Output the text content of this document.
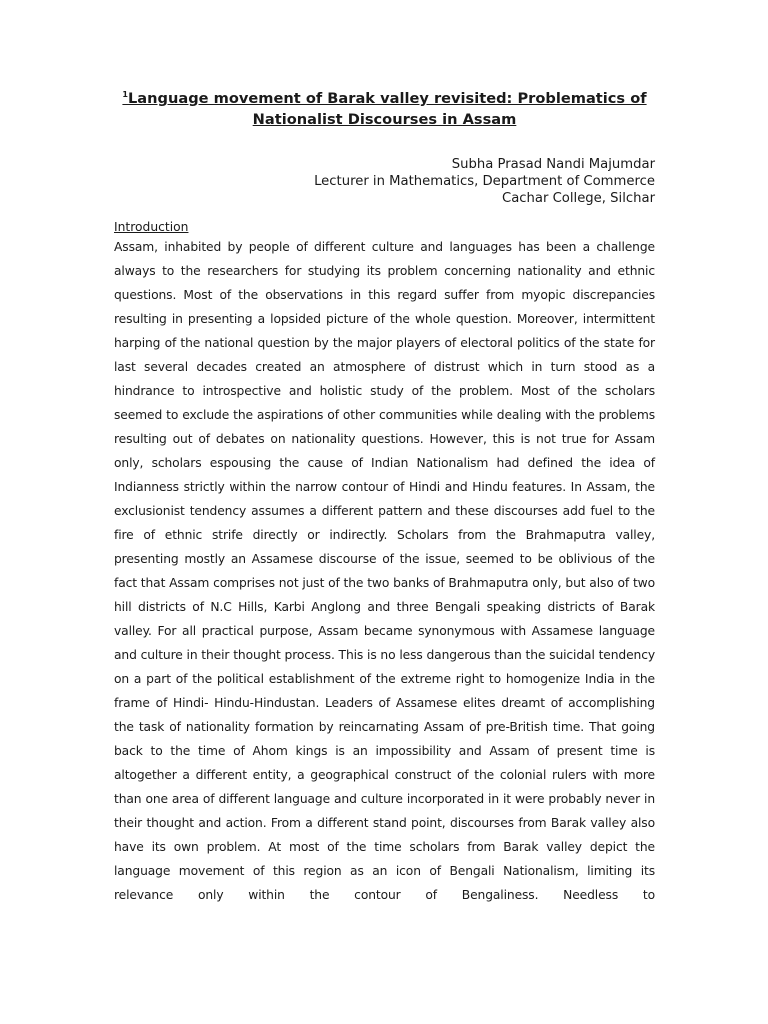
$^1$Language movement of Barak valley revisited: Problematics of
Nationalist Discourses in Assam
Subha Prasad Nandi Majumdar
Lecturer in Mathematics, Department of Commerce
Cachar College, Silchar
Introduction

Assam, inhabited by people of different culture and languages has been a challenge always to the researchers for studying its problem concerning nationality and ethnic questions. Most of the observations in this regard suffer from myopic discrepancies resulting in presenting a lopsided picture of the whole question. Moreover, intermittent harping of the national question by the major players of electoral politics of the state for last several decades created an atmosphere of distrust which in turn stood as a hindrance to introspective and holistic study of the problem. Most of the scholars seemed to exclude the aspirations of other communities while dealing with the problems resulting out of debates on nationality questions. However, this is not true for Assam only, scholars espousing the cause of Indian Nationalism had defined the idea of Indianness strictly within the narrow contour of Hindi and Hindu features. In Assam, the exclusionist tendency assumes a different pattern and these discourses add fuel to the fire of ethnic strife directly or indirectly. Scholars from the Brahmaputra valley, presenting mostly an Assamese discourse of the issue, seemed to be oblivious of the fact that Assam comprises not just of the two banks of Brahmaputra only, but also of two hill districts of N.C Hills, Karbi Anglong and three Bengali speaking districts of Barak valley. For all practical purpose, Assam became synonymous with Assamese language and culture in their thought process. This is no less dangerous than the suicidal tendency on a part of the political establishment of the extreme right to homogenize India in the frame of Hindi- Hindu-Hindustan. Leaders of Assamese elites dreamt of accomplishing the task of nationality formation by reincarnating Assam of pre-British time. That going back to the time of Ahom kings is an impossibility and Assam of present time is altogether a different entity, a geographical construct of the colonial rulers with more than one area of different language and culture incorporated in it were probably never in their thought and action. From a different stand point, discourses from Barak valley also have its own problem. At most of the time scholars from Barak valley depict the language movement of this region as an icon of Bengali Nationalism, limiting its relevance only within the contour of Bengaliness. Needless to
